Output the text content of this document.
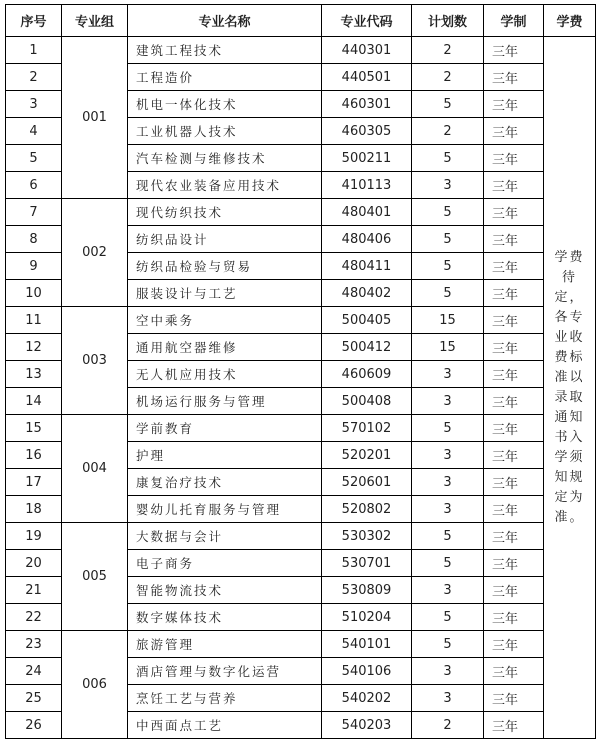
序号	专业组	专业名称	专业代码	计划数	学制	学费
1	001	建筑工程技术	440301	2	三年	学费待定，各专业收费标准以录取通知书入学须知规定为准。
2		工程造价	440501	2	三年	
3		机电一体化技术	460301	5	三年	
4		工业机器人技术	460305	2	三年	
5		汽车检测与维修技术	500211	5	三年	
6		现代农业装备应用技术	410113	3	三年	
7	002	现代纺织技术	480401	5	三年	
8		纺织品设计	480406	5	三年	
9		纺织品检验与贸易	480411	5	三年	
10		服装设计与工艺	480402	5	三年	
11	003	空中乘务	500405	15	三年	
12		通用航空器维修	500412	15	三年	
13		无人机应用技术	460609	3	三年	
14		机场运行服务与管理	500408	3	三年	
15	004	学前教育	570102	5	三年	
16		护理	520201	3	三年	
17		康复治疗技术	520601	3	三年	
18		婴幼儿托育服务与管理	520802	3	三年	
19	005	大数据与会计	530302	5	三年	
20		电子商务	530701	5	三年	
21		智能物流技术	530809	3	三年	
22		数字媒体技术	510204	5	三年	
23	006	旅游管理	540101	5	三年	
24		酒店管理与数字化运营	540106	3	三年	
25		烹饪工艺与营养	540202	3	三年	
26		中西面点工艺	540203	2	三年	
